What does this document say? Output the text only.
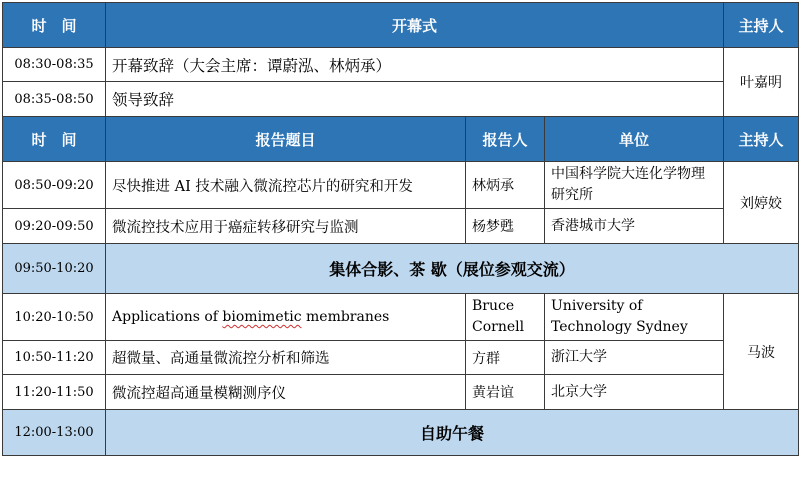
时　间	开幕式			主持人
08:30-08:35	开幕致辞（大会主席：谭蔚泓、林炳承）			叶嘉明
08:35-08:50	领导致辞			
时　间	报告题目	报告人	单位	主持人
08:50-09:20	尽快推进 AI 技术融入微流控芯片的研究和开发	林炳承	中国科学院大连化学物理研究所	刘婷姣
09:20-09:50	微流控技术应用于癌症转移研究与监测	杨梦甦	香港城市大学	
09:50-10:20	集体合影、茶 歇（展位参观交流）			
10:20-10:50	Applications of biomimetic membranes	Bruce Cornell	University of Technology Sydney	马波
10:50-11:20	超微量、高通量微流控分析和筛选	方群	浙江大学	
11:20-11:50	微流控超高通量模糊测序仪	黄岩谊	北京大学	
12:00-13:00	自助午餐			
